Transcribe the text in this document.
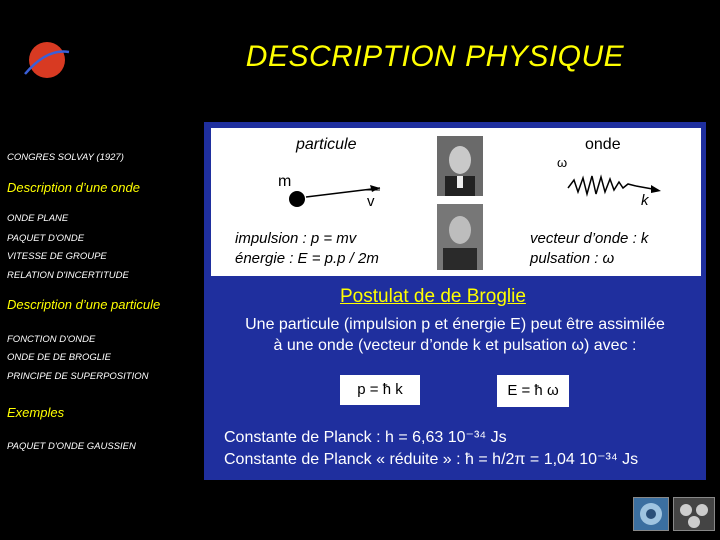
DESCRIPTION PHYSIQUE
CONGRES SOLVAY (1927)
Description d’une onde
ONDE PLANE
PAQUET D'ONDE
VITESSE DE GROUPE
RELATION D'INCERTITUDE
Description d’une particule
FONCTION D'ONDE
ONDE DE DE BROGLIE
PRINCIPE DE SUPERPOSITION
Exemples
PAQUET D'ONDE GAUSSIEN
particule	onde
m
v
ω
k
impulsion : p = mv
énergie : E = p.p / 2m
vecteur d’onde : k
pulsation : ω
Postulat de de Broglie
Une particule (impulsion p et énergie E) peut être assimilée
à une onde (vecteur d’onde k et pulsation ω) avec :
p = ħ k	E = ħ ω
Constante de Planck : h = 6,63 10⁻³⁴ Js
Constante de Planck « réduite » : ħ = h/2π = 1,04 10⁻³⁴ Js
